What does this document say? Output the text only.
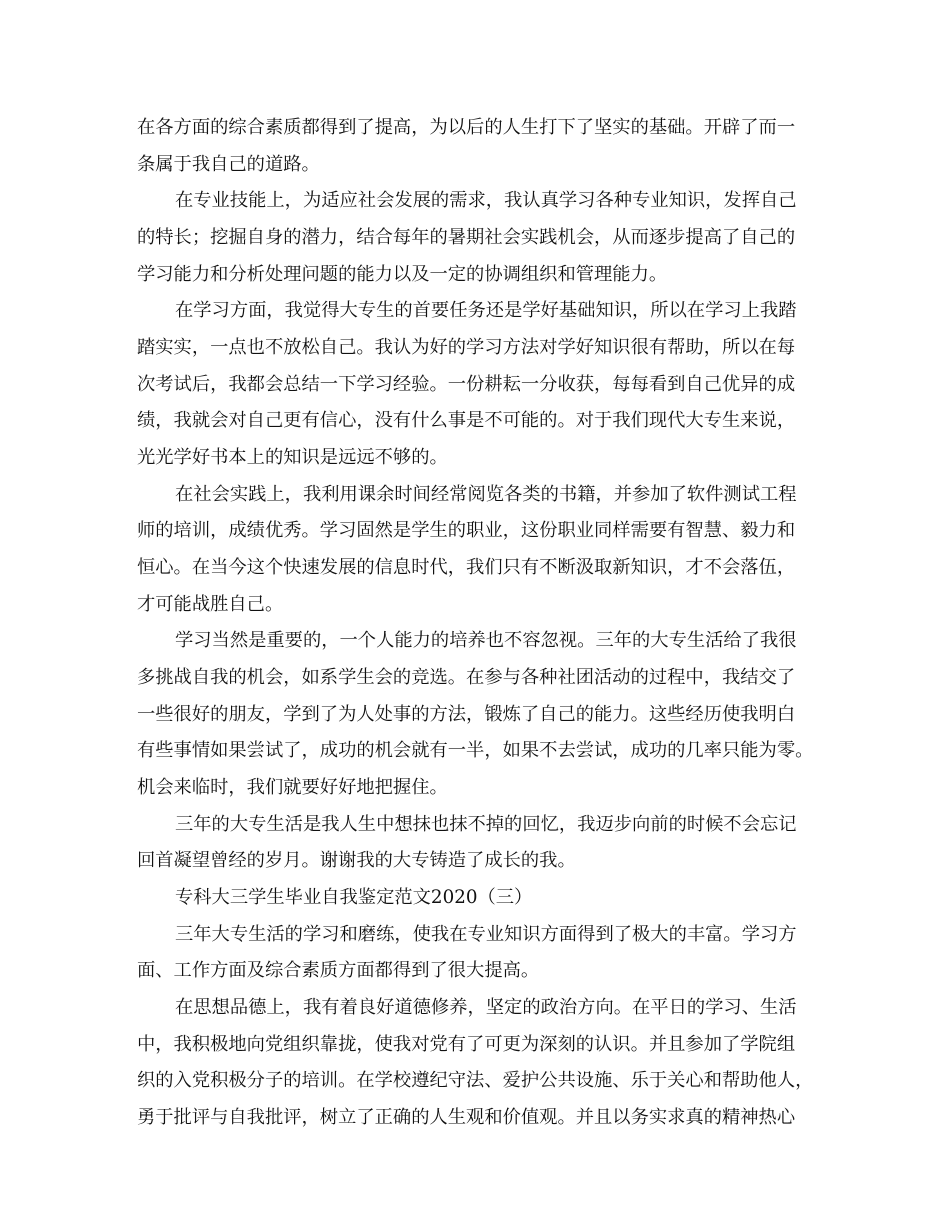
在各方面的综合素质都得到了提高，为以后的人生打下了坚实的基础。开辟了而一
条属于我自己的道路。
在专业技能上，为适应社会发展的需求，我认真学习各种专业知识，发挥自己
的特长；挖掘自身的潜力，结合每年的暑期社会实践机会，从而逐步提高了自己的
学习能力和分析处理问题的能力以及一定的协调组织和管理能力。
在学习方面，我觉得大专生的首要任务还是学好基础知识，所以在学习上我踏
踏实实，一点也不放松自己。我认为好的学习方法对学好知识很有帮助，所以在每
次考试后，我都会总结一下学习经验。一份耕耘一分收获，每每看到自己优异的成
绩，我就会对自己更有信心，没有什么事是不可能的。对于我们现代大专生来说，
光光学好书本上的知识是远远不够的。
在社会实践上，我利用课余时间经常阅览各类的书籍，并参加了软件测试工程
师的培训，成绩优秀。学习固然是学生的职业，这份职业同样需要有智慧、毅力和
恒心。在当今这个快速发展的信息时代，我们只有不断汲取新知识，才不会落伍，
才可能战胜自己。
学习当然是重要的，一个人能力的培养也不容忽视。三年的大专生活给了我很
多挑战自我的机会，如系学生会的竞选。在参与各种社团活动的过程中，我结交了
一些很好的朋友，学到了为人处事的方法，锻炼了自己的能力。这些经历使我明白
有些事情如果尝试了，成功的机会就有一半，如果不去尝试，成功的几率只能为零。
机会来临时，我们就要好好地把握住。
三年的大专生活是我人生中想抹也抹不掉的回忆，我迈步向前的时候不会忘记
回首凝望曾经的岁月。谢谢我的大专铸造了成长的我。
专科大三学生毕业自我鉴定范文2020（三）
三年大专生活的学习和磨练，使我在专业知识方面得到了极大的丰富。学习方
面、工作方面及综合素质方面都得到了很大提高。
在思想品德上，我有着良好道德修养，坚定的政治方向。在平日的学习、生活
中，我积极地向党组织靠拢，使我对党有了可更为深刻的认识。并且参加了学院组
织的入党积极分子的培训。在学校遵纪守法、爱护公共设施、乐于关心和帮助他人，
勇于批评与自我批评，树立了正确的人生观和价值观。并且以务实求真的精神热心
